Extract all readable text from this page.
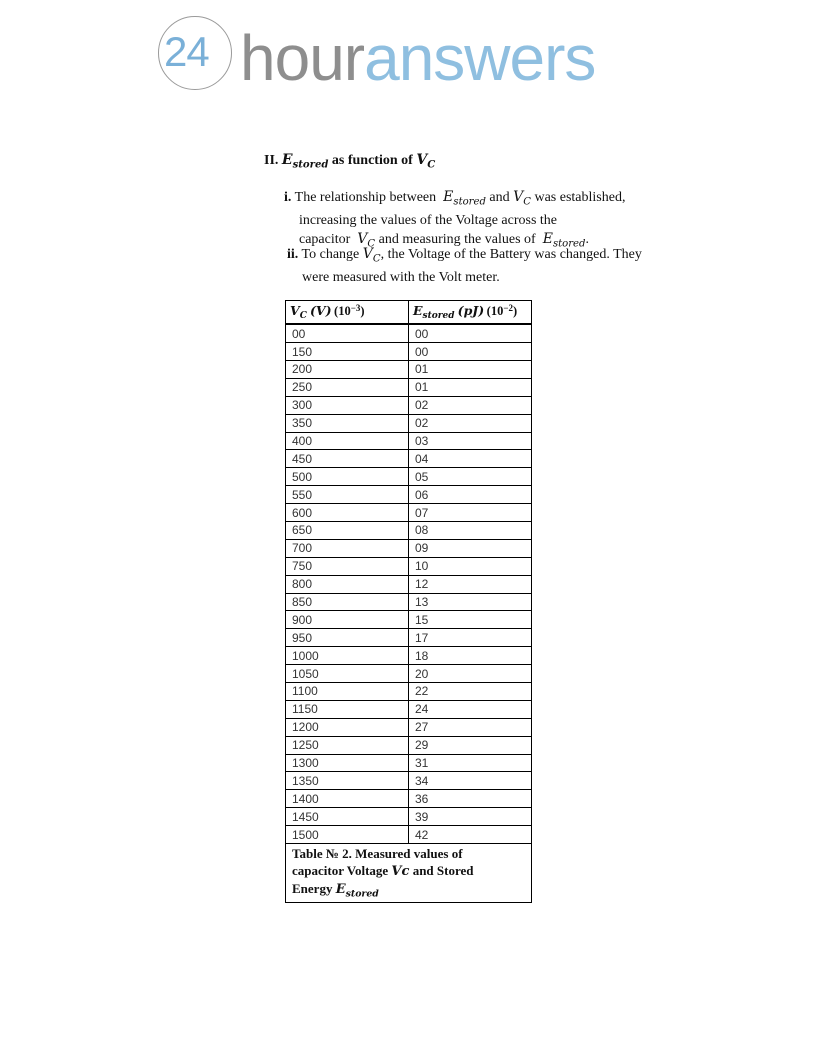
24 houranswers
II. $E_{stored}$ as function of $V_C$
i. The relationship between $E_{stored}$ and $V_C$ was established,
increasing the values of the Voltage across the
capacitor $V_C$ and measuring the values of $E_{stored}$.
ii. To change $V_C$, the Voltage of the Battery was changed. They
were measured with the Volt meter.
$V_C$ (V) $(10^{-3})$	$E_{stored}$ (pJ) $(10^{-2})$
00	00
150	00
200	01
250	01
300	02
350	02
400	03
450	04
500	05
550	06
600	07
650	08
700	09
750	10
800	12
850	13
900	15
950	17
1000	18
1050	20
1100	22
1150	24
1200	27
1250	29
1300	31
1350	34
1400	36
1450	39
1500	42

Table № 2. Measured values of
capacitor Voltage Vc and Stored
Energy $E_{stored}$
